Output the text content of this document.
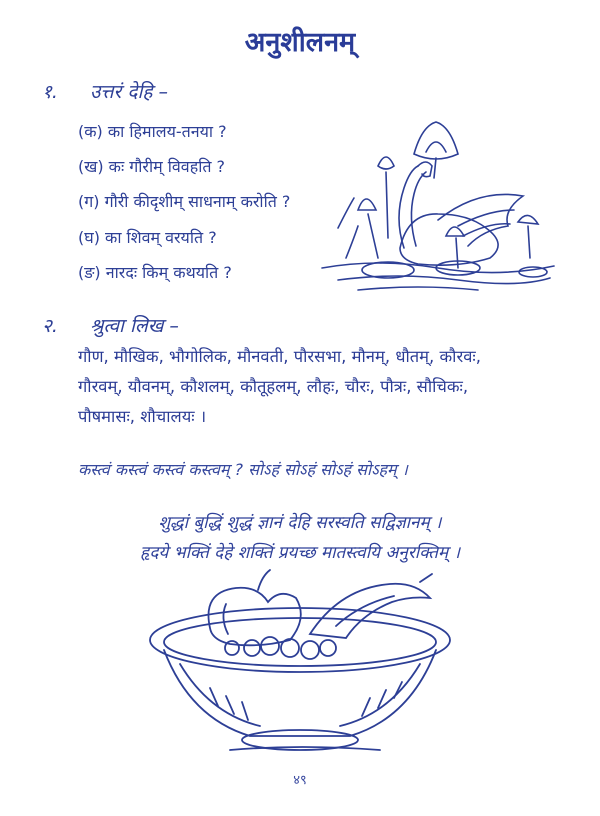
अनुशीलनम्
१. उत्तरं देहि –
(क) का हिमालय-तनया ?
(ख) कः गौरीम् विवहति ?
(ग) गौरी कीदृशीम् साधनाम् करोति ?
(घ) का शिवम् वरयति ?
(ङ) नारदः किम् कथयति ?
२. श्रुत्वा लिख –
गौण, मौखिक, भौगोलिक, मौनवती, पौरसभा, मौनम्, धौतम्, कौरवः,
गौरवम्, यौवनम्, कौशलम्, कौतूहलम्, लौहः, चौरः, पौत्रः, सौचिकः,
पौषमासः, शौचालयः ।
कस्त्वं कस्त्वं कस्त्वं कस्त्वम् ? सोऽहं सोऽहं सोऽहं सोऽहम् ।
शुद्धां बुद्धिं शुद्धं ज्ञानं देहि सरस्वति सद्विज्ञानम् ।
हृदये भक्तिं देहे शक्तिं प्रयच्छ मातस्त्वयि अनुरक्तिम् ।
४९
